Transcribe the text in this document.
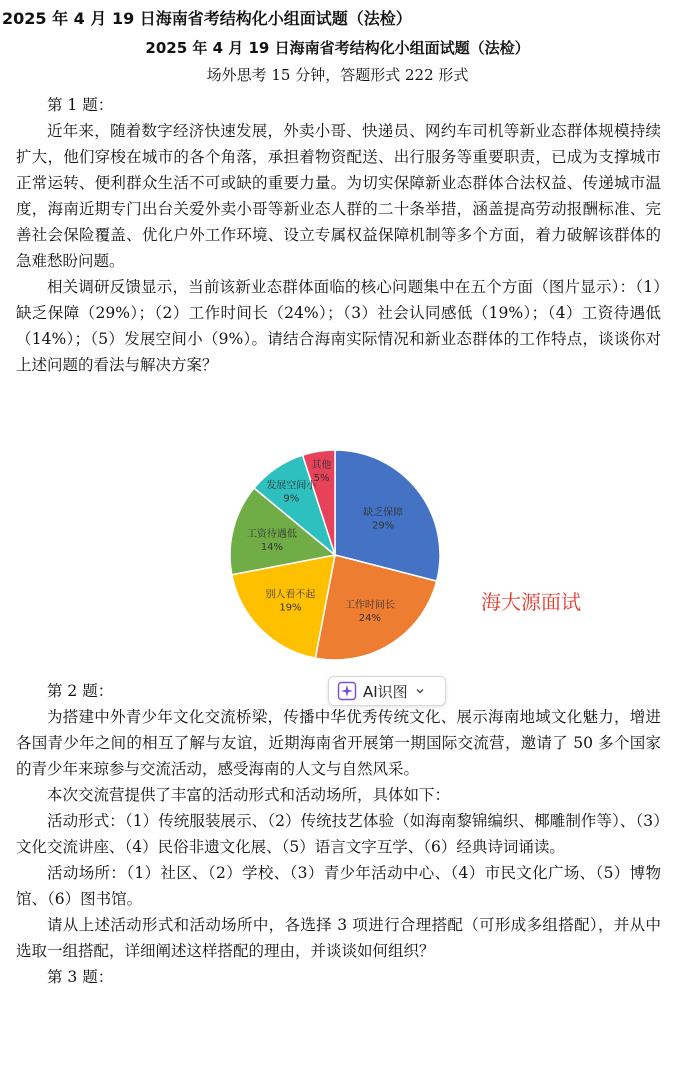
2025 年 4 月 19 日海南省考结构化小组面试题（法检）
2025 年 4 月 19 日海南省考结构化小组面试题（法检）
场外思考 15 分钟，答题形式 222 形式

第 1 题：

近年来，随着数字经济快速发展，外卖小哥、快递员、网约车司机等新业态群体规模持续扩大，他们穿梭在城市的各个角落，承担着物资配送、出行服务等重要职责，已成为支撑城市正常运转、便利群众生活不可或缺的重要力量。为切实保障新业态群体合法权益、传递城市温度，海南近期专门出台关爱外卖小哥等新业态人群的二十条举措，涵盖提高劳动报酬标准、完善社会保险覆盖、优化户外工作环境、设立专属权益保障机制等多个方面，着力破解该群体的急难愁盼问题。

相关调研反馈显示，当前该新业态群体面临的核心问题集中在五个方面（图片显示）：（1）缺乏保障（29%）；（2）工作时间长（24%）；（3）社会认同感低（19%）；（4）工资待遇低（14%）；（5）发展空间小（9%）。请结合海南实际情况和新业态群体的工作特点，谈谈你对上述问题的看法与解决方案？

缺乏保障
29%
工作时间长
24%
别人看不起
19%
工资待遇低
14%
发展空间小
9%
其他
5%
海大源面试
AI识图

第 2 题：

为搭建中外青少年文化交流桥梁，传播中华优秀传统文化、展示海南地域文化魅力，增进各国青少年之间的相互了解与友谊，近期海南省开展第一期国际交流营，邀请了 50 多个国家的青少年来琼参与交流活动，感受海南的人文与自然风采。

本次交流营提供了丰富的活动形式和活动场所，具体如下：

活动形式：（1）传统服装展示、（2）传统技艺体验（如海南黎锦编织、椰雕制作等）、（3）文化交流讲座、（4）民俗非遗文化展、（5）语言文字互学、（6）经典诗词诵读。

活动场所：（1）社区、（2）学校、（3）青少年活动中心、（4）市民文化广场、（5）博物馆、（6）图书馆。

请从上述活动形式和活动场所中，各选择 3 项进行合理搭配（可形成多组搭配），并从中选取一组搭配，详细阐述这样搭配的理由，并谈谈如何组织？

第 3 题：
